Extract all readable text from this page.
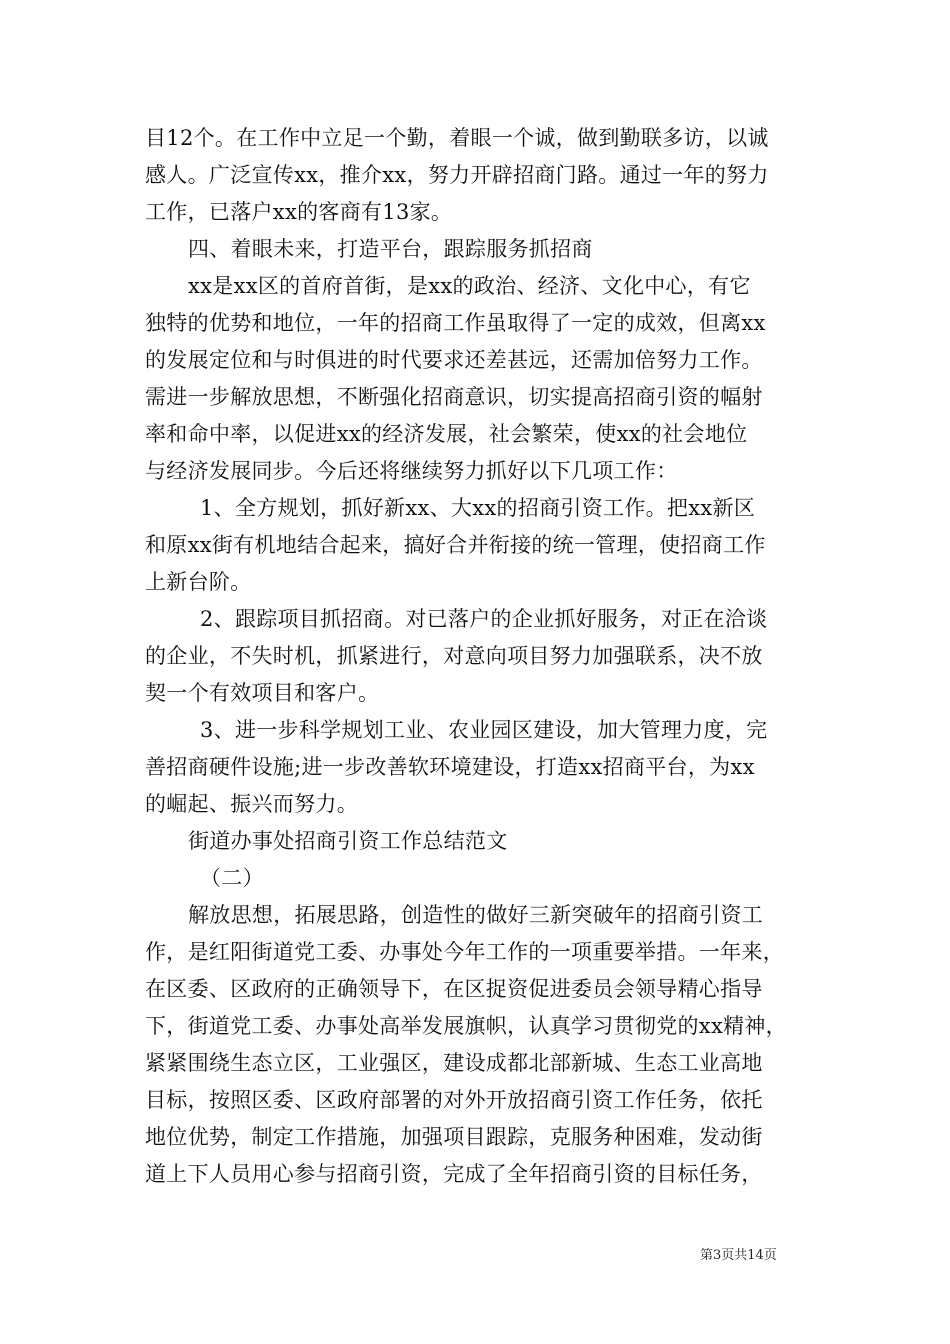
目12个。在工作中立足一个勤，着眼一个诚，做到勤联多访，以诚
感人。广泛宣传xx，推介xx，努力开辟招商门路。通过一年的努力
工作，已落户xx的客商有13家。
四、着眼未来，打造平台，跟踪服务抓招商
xx是xx区的首府首街，是xx的政治、经济、文化中心，有它
独特的优势和地位，一年的招商工作虽取得了一定的成效，但离xx
的发展定位和与时俱进的时代要求还差甚远，还需加倍努力工作。
需进一步解放思想，不断强化招商意识，切实提高招商引资的幅射
率和命中率，以促进xx的经济发展，社会繁荣，使xx的社会地位
与经济发展同步。今后还将继续努力抓好以下几项工作：
1、全方规划，抓好新xx、大xx的招商引资工作。把xx新区
和原xx街有机地结合起来，搞好合并衔接的统一管理，使招商工作
上新台阶。
2、跟踪项目抓招商。对已落户的企业抓好服务，对正在洽谈
的企业，不失时机，抓紧进行，对意向项目努力加强联系，决不放
契一个有效项目和客户。
3、进一步科学规划工业、农业园区建设，加大管理力度，完
善招商硬件设施;进一步改善软环境建设，打造xx招商平台，为xx
的崛起、振兴而努力。
街道办事处招商引资工作总结范文
（二）
解放思想，拓展思路，创造性的做好三新突破年的招商引资工
作，是红阳街道党工委、办事处今年工作的一项重要举措。一年来，
在区委、区政府的正确领导下，在区捉资促进委员会领导精心指导
下，街道党工委、办事处高举发展旗帜，认真学习贯彻党的xx精神，
紧紧围绕生态立区，工业强区，建设成都北部新城、生态工业高地
目标，按照区委、区政府部署的对外开放招商引资工作任务，依托
地位优势，制定工作措施，加强项目跟踪，克服务种困难，发动街
道上下人员用心参与招商引资，完成了全年招商引资的目标任务，
第3页共14页
